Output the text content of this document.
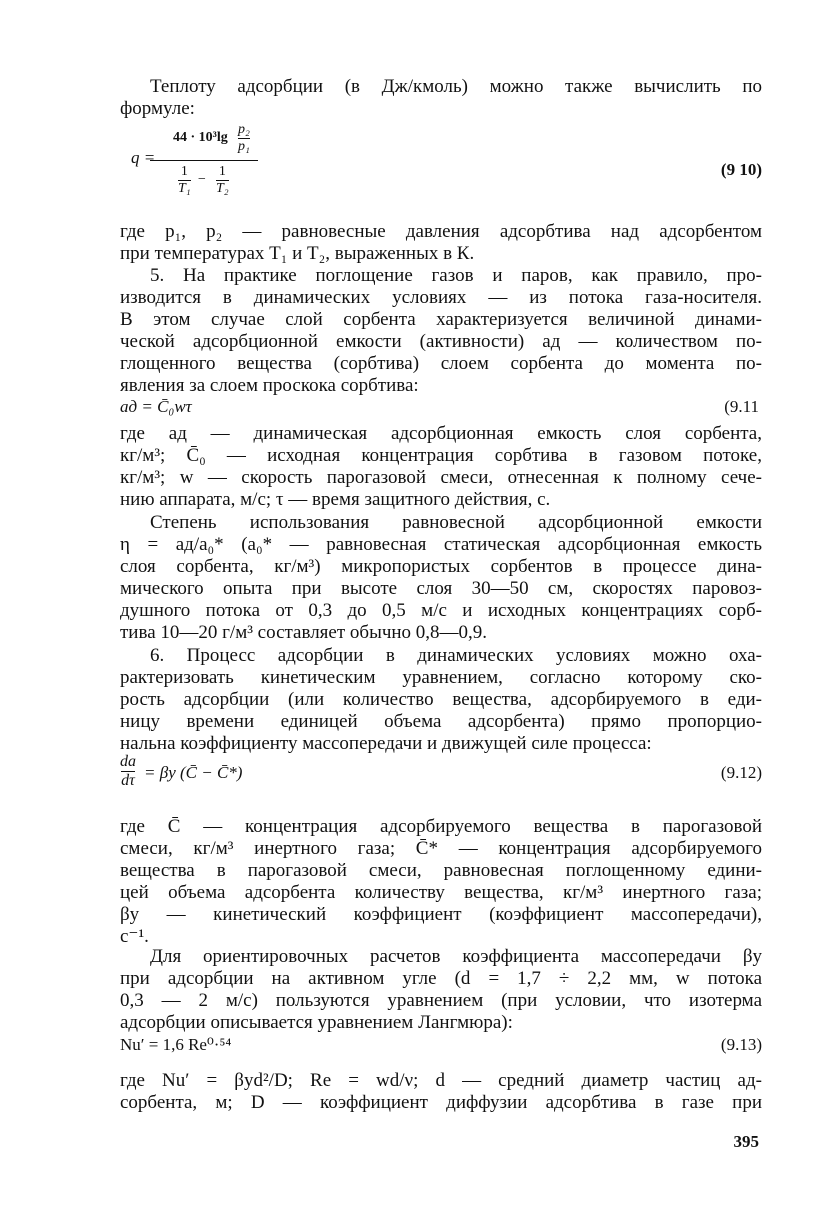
Теплоту адсорбции (в Дж/кмоль) можно также вычислить по
формуле:
где p₁, p₂ — равновесные давления адсорбтива над адсорбентом
при температурах T₁ и T₂, выраженных в К.
5. На практике поглощение газов и паров, как правило, про-
изводится в динамических условиях — из потока газа-носителя.
В этом случае слой сорбента характеризуется величиной динами-
ческой адсорбционной емкости (активности) aд — количеством по-
глощенного вещества (сорбтива) слоем сорбента до момента по-
явления за слоем проскока сорбтива:
где aд — динамическая адсорбционная емкость слоя сорбента,
кг/м³; C̄₀ — исходная концентрация сорбтива в газовом потоке,
кг/м³; w — скорость парогазовой смеси, отнесенная к полному сече-
нию аппарата, м/с; τ — время защитного действия, с.
Степень использования равновесной адсорбционной емкости
η = aд/a₀* (a₀* — равновесная статическая адсорбционная емкость
слоя сорбента, кг/м³) микропористых сорбентов в процессе дина-
мического опыта при высоте слоя 30—50 см, скоростях паровоз-
душного потока от 0,3 до 0,5 м/с и исходных концентрациях сорб-
тива 10—20 г/м³ составляет обычно 0,8—0,9.
6. Процесс адсорбции в динамических условиях можно оха-
рактеризовать кинетическим уравнением, согласно которому ско-
рость адсорбции (или количество вещества, адсорбируемого в еди-
ницу времени единицей объема адсорбента) прямо пропорцио-
нальна коэффициенту массопередачи и движущей силе процесса:
где C̄ — концентрация адсорбируемого вещества в парогазовой
смеси, кг/м³ инертного газа; C̄* — концентрация адсорбируемого
вещества в парогазовой смеси, равновесная поглощенному едини-
цей объема адсорбента количеству вещества, кг/м³ инертного газа;
βy — кинетический коэффициент (коэффициент массопередачи),
с⁻¹.
Для ориентировочных расчетов коэффициента массопередачи βy
при адсорбции на активном угле (d = 1,7 ÷ 2,2 мм, w потока
0,3 — 2 м/с) пользуются уравнением (при условии, что изотерма
адсорбции описывается уравнением Лангмюра):
где Nu′ = βyd²/D; Re = wd/ν; d — средний диаметр частиц ад-
сорбента, м; D — коэффициент диффузии адсорбтива в газе при
q =
$44 \cdot 10^3\lg \frac{\text{p₂}}{\text{p₁}}$
$\frac{1}{\text{T₁}} - \frac{1}{\text{T₂}}$	(9 10)
aд = C̄₀wτ	(9.11
$\frac{da}{d\tau} = \beta y$ (C̄ − C̄*)	(9.12)
Nu′ = 1,6 Re⁰·⁵⁴	(9.13)
395
